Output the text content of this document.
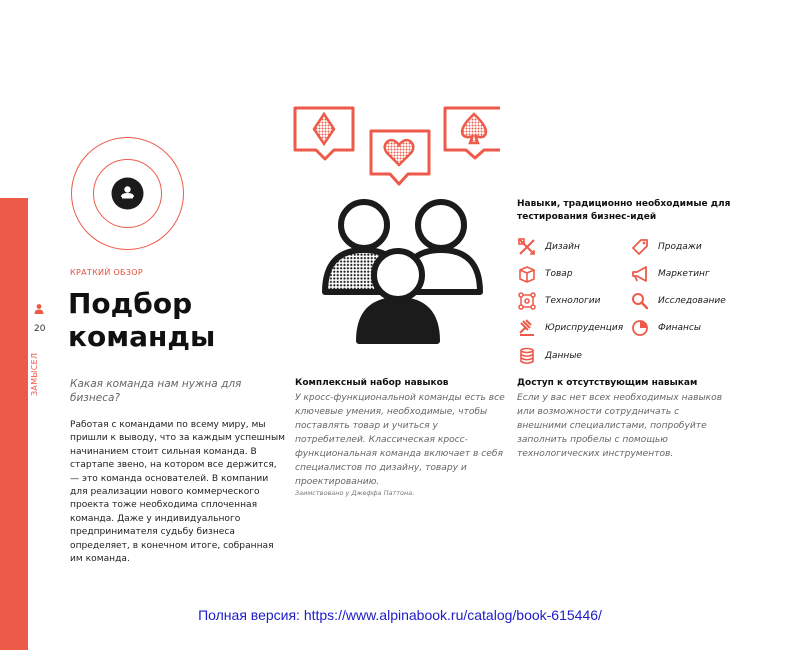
20
ЗАМЫСЕЛ
КРАТКИЙ ОБЗОР
Подбор команды
Какая команда нам нужна для бизнеса?
Работая с командами по всему миру, мы пришли к выводу, что за каждым успешным начинанием стоит сильная команда. В стартапе звено, на котором все держится, — это команда основателей. В компании для реализации нового коммерческого проекта тоже необходима сплоченная команда. Даже у индивидуального предпринимателя судьбу бизнеса определяет, в конечном итоге, собранная им команда.
Навыки, традиционно необходимые для тестирования бизнес-идей
Дизайн	Продажи
Товар	Маркетинг
Технологии	Исследование
Юриспруденция	Финансы
Данные
Комплексный набор навыков
У кросс-функциональной команды есть все ключевые умения, необходимые, чтобы поставлять товар и учиться у потребителей. Классическая кросс-функциональная команда включает в себя специалистов по дизайну, товару и проектированию.
Заимствовано у Джеффа Паттона.
Доступ к отсутствующим навыкам
Если у вас нет всех необходимых навыков или возможности сотрудничать с внешними специалистами, попробуйте заполнить пробелы с помощью технологических инструментов.
Полная версия: https://www.alpinabook.ru/catalog/book-615446/
